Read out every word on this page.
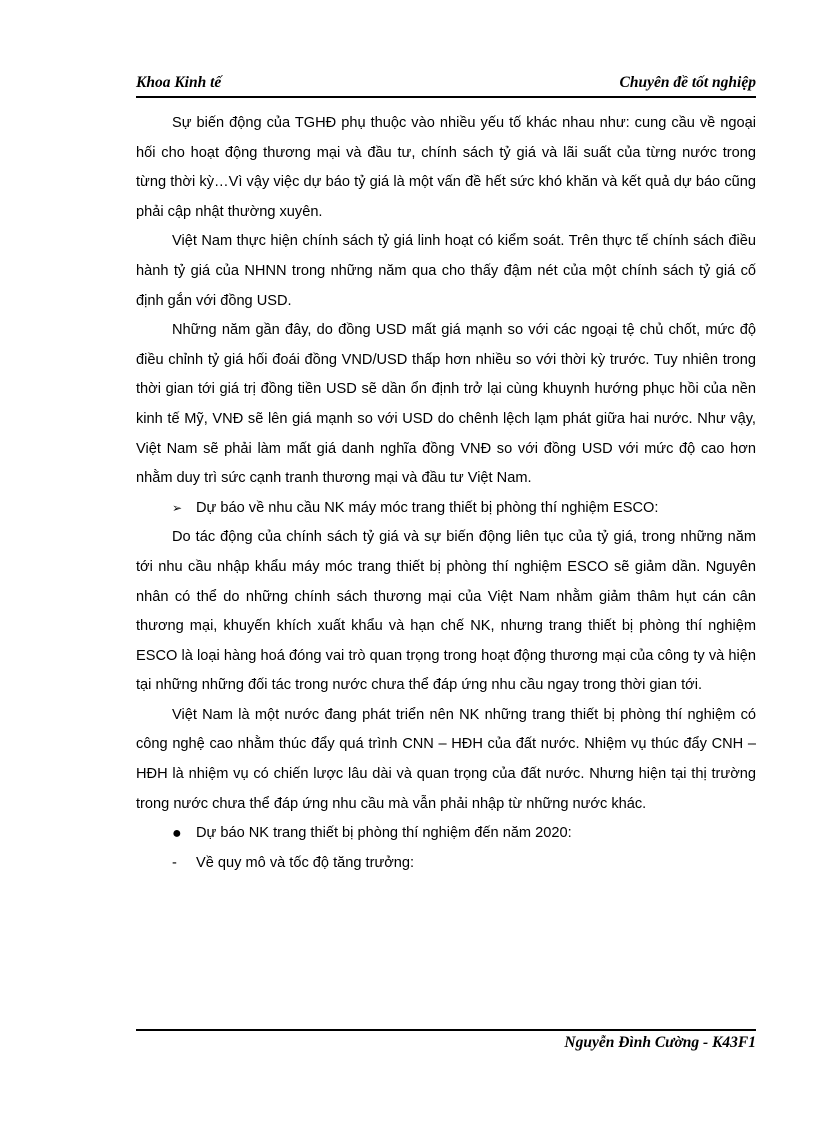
Khoa Kinh tế	Chuyên đề tốt nghiệp

Sự biến động của TGHĐ phụ thuộc vào nhiều yếu tố khác nhau như: cung cầu về ngoại hối cho hoạt động thương mại và đầu tư, chính sách tỷ giá và lãi suất của từng nước trong từng thời kỳ…Vì vậy việc dự báo tỷ giá là một vấn đề hết sức khó khăn và kết quả dự báo cũng phải cập nhật thường xuyên.

Việt Nam thực hiện chính sách tỷ giá linh hoạt có kiểm soát. Trên thực tế chính sách điều hành tỷ giá của NHNN trong những năm qua cho thấy đậm nét của một chính sách tỷ giá cố định gắn với đồng USD.

Những năm gần đây, do đồng USD mất giá mạnh so với các ngoại tệ chủ chốt, mức độ điều chỉnh tỷ giá hối đoái đồng VND/USD thấp hơn nhiều so với thời kỳ trước. Tuy nhiên trong thời gian tới giá trị đồng tiền USD sẽ dần ổn định trở lại cùng khuynh hướng phục hồi của nền kinh tế Mỹ, VNĐ sẽ lên giá mạnh so với USD do chênh lệch lạm phát giữa hai nước. Như vậy, Việt Nam sẽ phải làm mất giá danh nghĩa đồng VNĐ so với đồng USD với mức độ cao hơn nhằm duy trì sức cạnh tranh thương mại và đầu tư Việt Nam.

➢ Dự báo về nhu cầu NK máy móc trang thiết bị phòng thí nghiệm ESCO:

Do tác động của chính sách tỷ giá và sự biến động liên tục của tỷ giá, trong những năm tới nhu cầu nhập khẩu máy móc trang thiết bị phòng thí nghiệm ESCO sẽ giảm dần. Nguyên nhân có thể do những chính sách thương mại của Việt Nam nhằm giảm thâm hụt cán cân thương mại, khuyến khích xuất khẩu và hạn chế NK, nhưng trang thiết bị phòng thí nghiệm ESCO là loại hàng hoá đóng vai trò quan trọng trong hoạt động thương mại của công ty và hiện tại những những đối tác trong nước chưa thể đáp ứng nhu cầu ngay trong thời gian tới.

Việt Nam là một nước đang phát triển nên NK những trang thiết bị phòng thí nghiệm có công nghệ cao nhằm thúc đẩy quá trình CNN – HĐH của đất nước. Nhiệm vụ thúc đẩy CNH – HĐH là nhiệm vụ có chiến lược lâu dài và quan trọng của đất nước. Nhưng hiện tại thị trường trong nước chưa thể đáp ứng nhu cầu mà vẫn phải nhập từ những nước khác.

● Dự báo NK trang thiết bị phòng thí nghiệm đến năm 2020:

- Về quy mô và tốc độ tăng trưởng:

Nguyễn Đình Cường - K43F1
